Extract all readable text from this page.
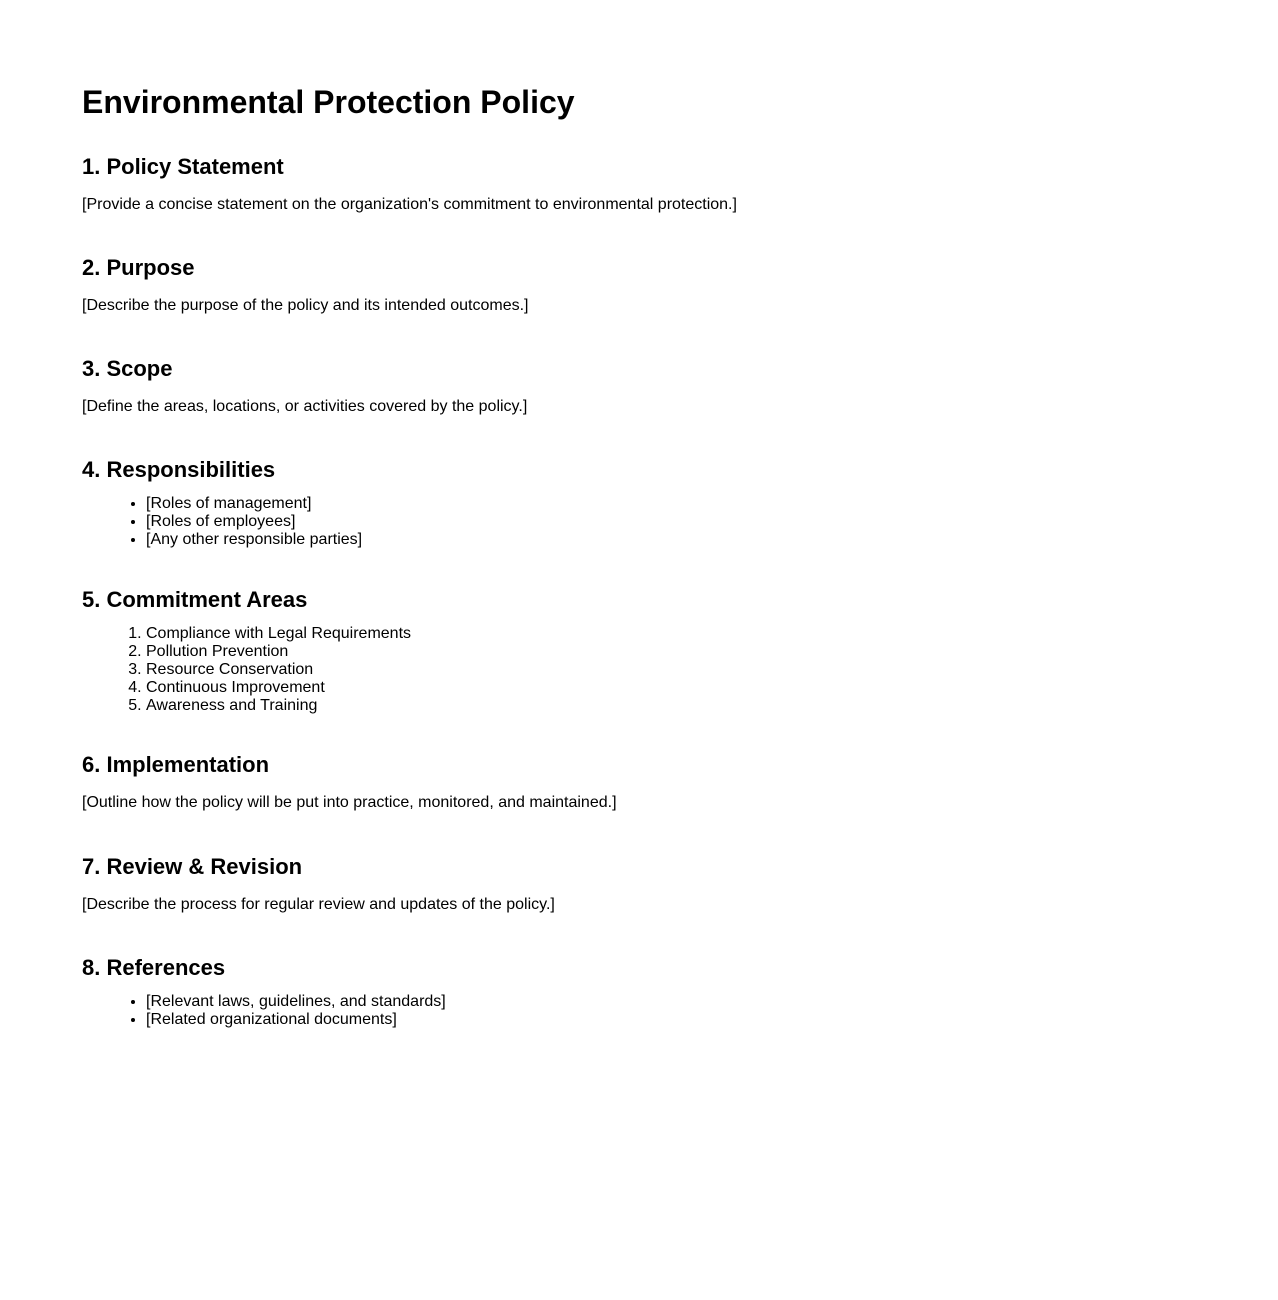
Environmental Protection Policy
1. Policy Statement

[Provide a concise statement on the organization's commitment to environmental protection.]

2. Purpose

[Describe the purpose of the policy and its intended outcomes.]

3. Scope

[Define the areas, locations, or activities covered by the policy.]

4. Responsibilities
• [Roles of management]
• [Roles of employees]
• [Any other responsible parties]
5. Commitment Areas
1. Compliance with Legal Requirements
2. Pollution Prevention
3. Resource Conservation
4. Continuous Improvement
5. Awareness and Training
6. Implementation

[Outline how the policy will be put into practice, monitored, and maintained.]

7. Review & Revision

[Describe the process for regular review and updates of the policy.]

8. References
• [Relevant laws, guidelines, and standards]
• [Related organizational documents]
